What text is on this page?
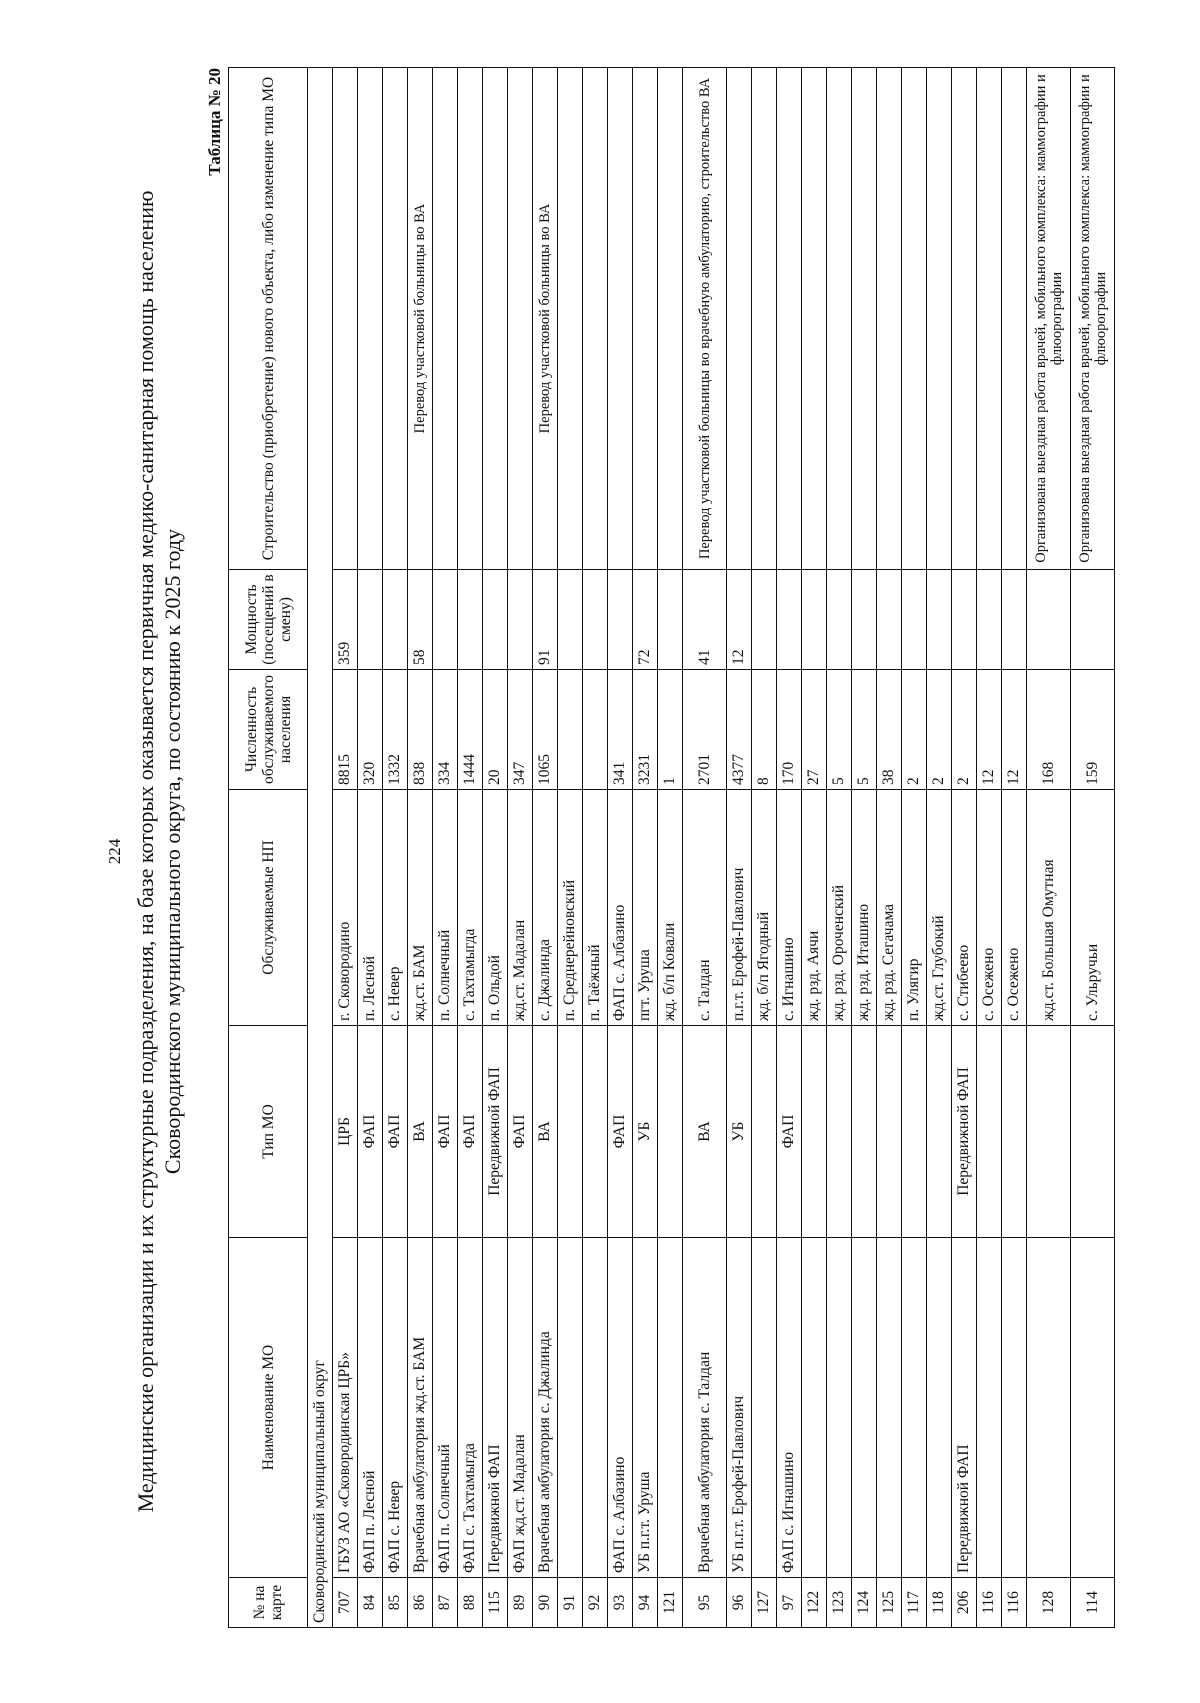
224 Медицинские организации и их структурные подразделения, на базе которых оказывается первичная медико-санитарная помощь населению Сковородинского муниципального округа, по состоянию к 2025 году
Таблица № 20
№ на карте	Наименование МО	Тип МО	Обслуживаемые НП	Численность обслуживаемого населения	Мощность (посещений в смену)	Строительство (приобретение) нового объекта, либо изменение типа МО
Сковородинский муниципальный округ						
707	ГБУЗ АО «Сковородинская ЦРБ»	ЦРБ	г. Сковородино	8815	359	
84	ФАП п. Лесной	ФАП	п. Лесной	320		
85	ФАП с. Невер	ФАП	с. Невер	1332		
86	Врачебная амбулатория жд.ст. БАМ	ВА	жд.ст. БАМ	838	58	Перевод участковой больницы во ВА
87	ФАП п. Солнечный	ФАП	п. Солнечный	334		
88	ФАП с. Тахтамыгда	ФАП	с. Тахтамыгда	1444		
115	Передвижной ФАП	Передвижной ФАП	п. Ольдой	20		
89	ФАП жд.ст. Мадалан	ФАП	жд.ст. Мадалан	347		
90	Врачебная амбулатория с. Джалинда	ВА	с. Джалинда	1065	91	Перевод участковой больницы во ВА
91			п. Среднерейновский			
92			п. Таёжный			
93	ФАП с. Албазино	ФАП	ФАП с. Албазино	341		
94	УБ п.г.т. Уруша	УБ	пгт. Уруша	3231	72	
121			жд. б/п Ковали	1		
95	Врачебная амбулатория с. Талдан	ВА	с. Талдан	2701	41	Перевод участковой больницы во врачебную амбулаторию, строительство ВА
96	УБ п.г.т. Ерофей-Павлович	УБ	п.г.т. Ерофей-Павлович	4377	12	
127			жд. б/п Ягодный	8		
97	ФАП с. Игнашино	ФАП	с. Игнашино	170		
122			жд. рзд. Аячи	27		
123			жд. рзд. Ороченский	5		
124			жд. рзд. Иташино	5		
125			жд. рзд. Сегачама	38		
117			п. Улягир	2		
118			жд.ст. Глубокий	2		
206	Передвижной ФАП	Передвижной ФАП	с. Стибеево	2		
116			с. Осежено	12		
116			с. Осежено	12		
128			жд.ст. Большая Омутная	168		Организована выездная работа врачей, мобильного комплекса: маммографии и флюорографии
114			с. Ульручьи	159		Организована выездная работа врачей, мобильного комплекса: маммографии и флюорографии
